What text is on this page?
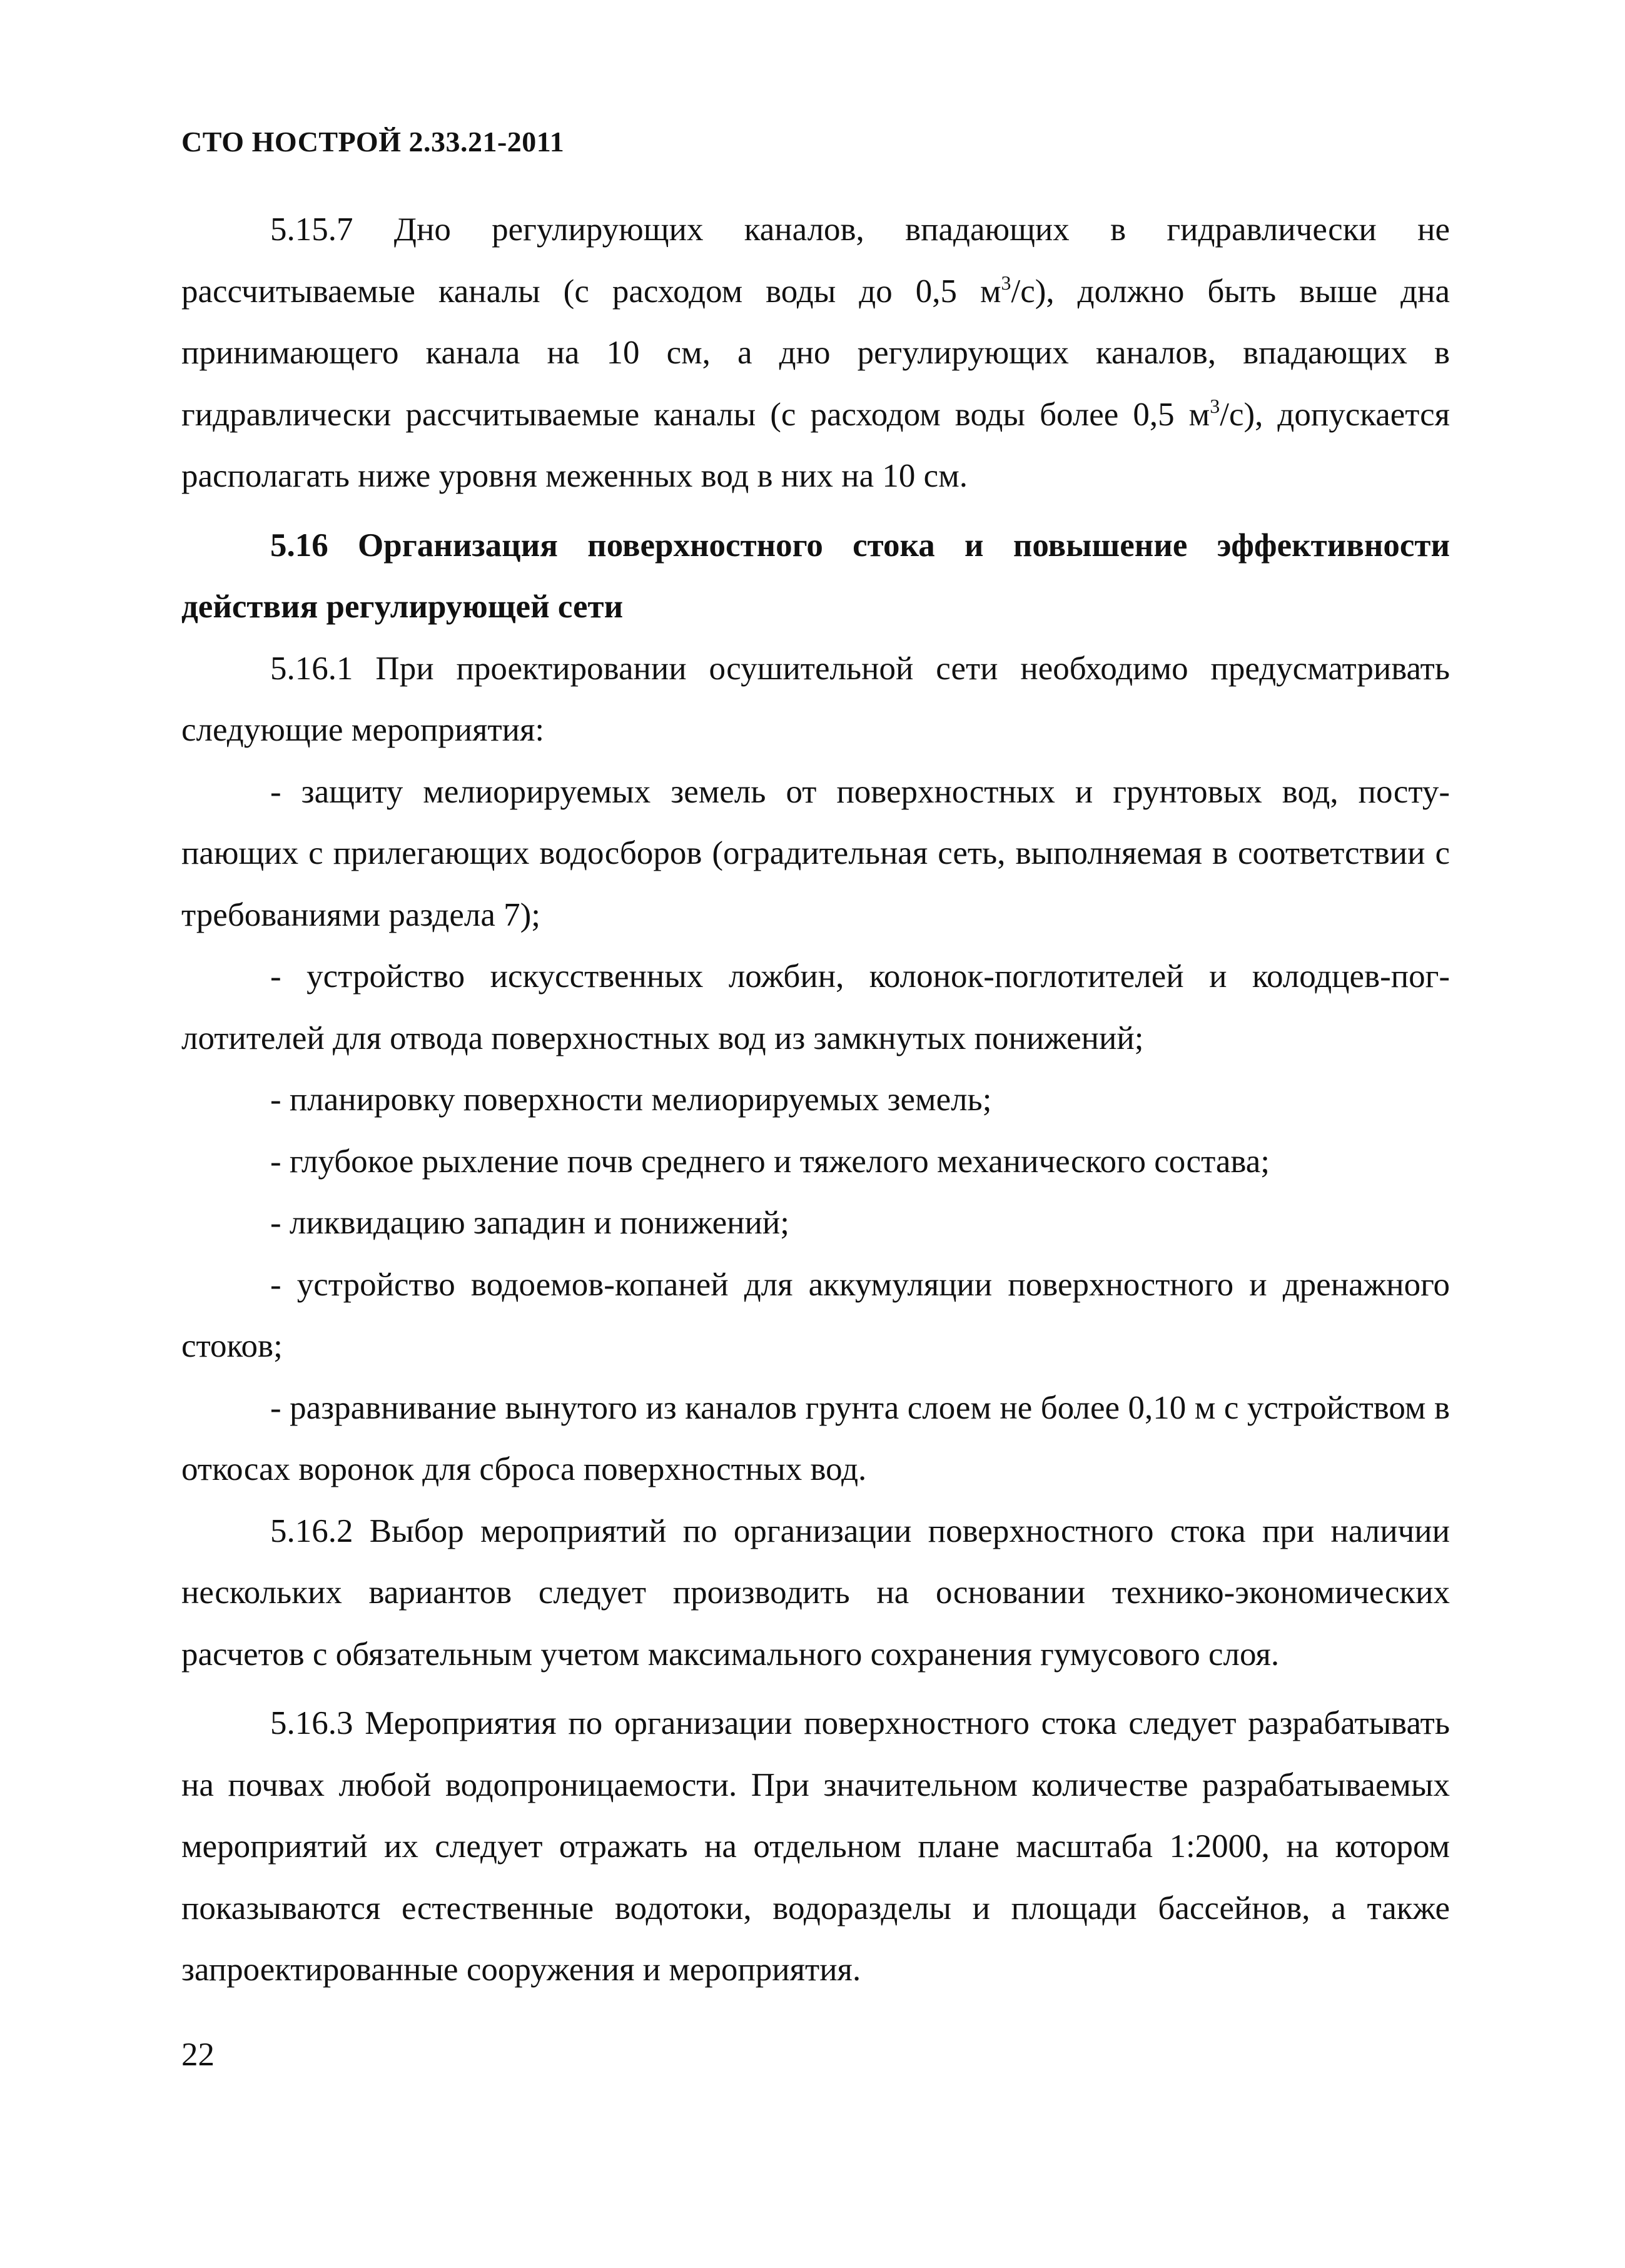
СТО НОСТРОЙ 2.33.21-2011

5.15.7 Дно регулирующих каналов, впадающих в гидравлически не рассчитываемые каналы (с расходом воды до 0,5 $м^3/с$), должно быть выше дна принимающего канала на 10 см, а дно регулирующих каналов, впадающих в гидравлически рассчитываемые каналы (с расходом воды более 0,5 $м^3/с$), допускается располагать ниже уровня меженных вод в них на 10 см.

5.16 Организация поверхностного стока и повышение эффективности действия регулирующей сети

5.16.1 При проектировании осушительной сети необходимо предусматривать следующие мероприятия:

- защиту мелиорируемых земель от поверхностных и грунтовых вод, поступающих с прилегающих водосборов (оградительная сеть, выполняемая в соответствии с требованиями раздела 7);

- устройство искусственных ложбин, колонок-поглотителей и колодцев-поглотителей для отвода поверхностных вод из замкнутых понижений;

- планировку поверхности мелиорируемых земель;

- глубокое рыхление почв среднего и тяжелого механического состава;

- ликвидацию западин и понижений;

- устройство водоемов-копаней для аккумуляции поверхностного и дренажного стоков;

- разравнивание вынутого из каналов грунта слоем не более 0,10 м с устройством в откосах воронок для сброса поверхностных вод.

5.16.2 Выбор мероприятий по организации поверхностного стока при наличии нескольких вариантов следует производить на основании технико-экономических расчетов с обязательным учетом максимального сохранения гумусового слоя.

5.16.3 Мероприятия по организации поверхностного стока следует разрабатывать на почвах любой водопроницаемости. При значительном количестве разрабатываемых мероприятий их следует отражать на отдельном плане масштаба 1:2000, на котором показываются естественные водотоки, водоразделы и площади бассейнов, а также запроектированные сооружения и мероприятия.

22
